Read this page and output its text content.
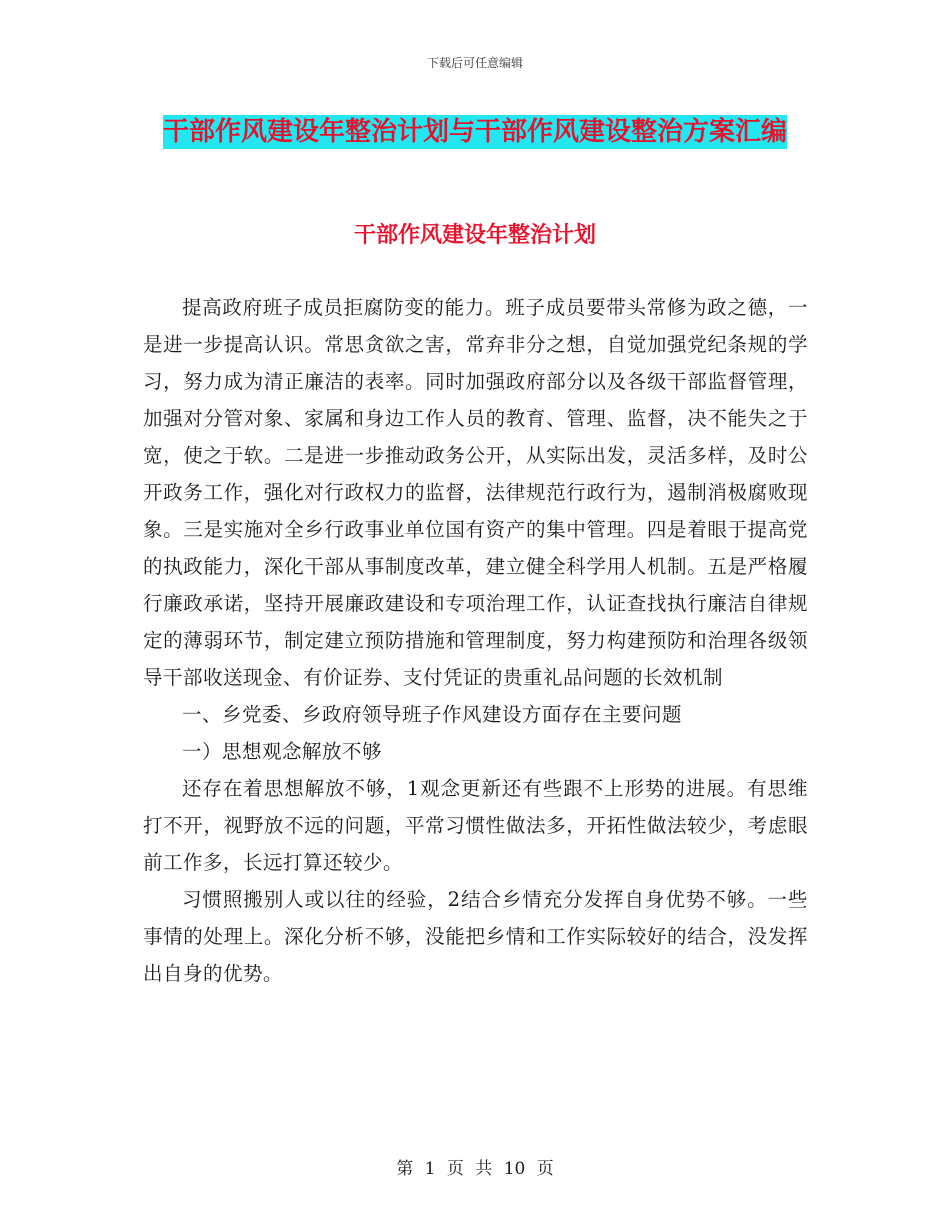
下载后可任意编辑
干部作风建设年整治计划与干部作风建设整治方案汇编
干部作风建设年整治计划

提高政府班子成员拒腐防变的能力。班子成员要带头常修为政之德，一是进一步提高认识。常思贪欲之害，常弃非分之想，自觉加强党纪条规的学习，努力成为清正廉洁的表率。同时加强政府部分以及各级干部监督管理，加强对分管对象、家属和身边工作人员的教育、管理、监督，决不能失之于宽，使之于软。二是进一步推动政务公开，从实际出发，灵活多样，及时公开政务工作，强化对行政权力的监督，法律规范行政行为，遏制消极腐败现象。三是实施对全乡行政事业单位国有资产的集中管理。四是着眼于提高党的执政能力，深化干部从事制度改革，建立健全科学用人机制。五是严格履行廉政承诺，坚持开展廉政建设和专项治理工作，认证查找执行廉洁自律规定的薄弱环节，制定建立预防措施和管理制度，努力构建预防和治理各级领导干部收送现金、有价证券、支付凭证的贵重礼品问题的长效机制

一、乡党委、乡政府领导班子作风建设方面存在主要问题

一）思想观念解放不够

还存在着思想解放不够，1观念更新还有些跟不上形势的进展。有思维打不开，视野放不远的问题，平常习惯性做法多，开拓性做法较少，考虑眼前工作多，长远打算还较少。

习惯照搬别人或以往的经验，2结合乡情充分发挥自身优势不够。一些事情的处理上。深化分析不够，没能把乡情和工作实际较好的结合，没发挥出自身的优势。

第 1 页 共 10 页
